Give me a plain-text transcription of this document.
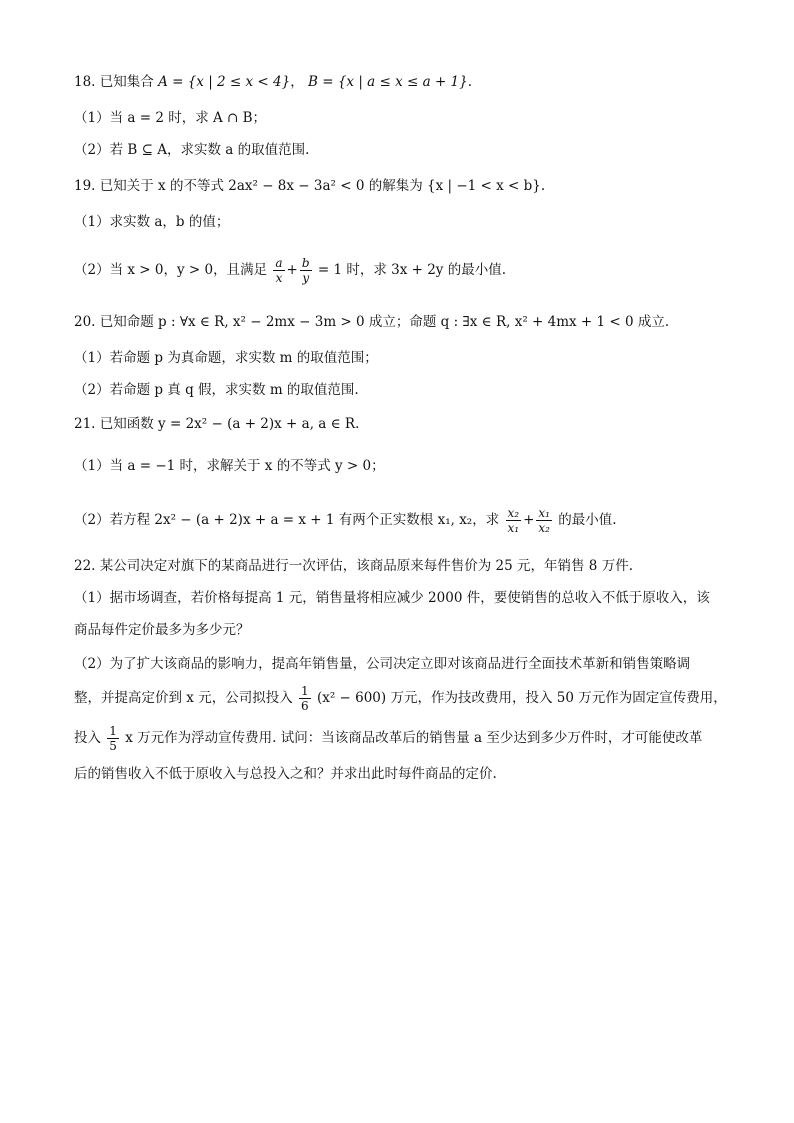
18. 已知集合 A = {x | 2 ≤ x < 4}， B = {x | a ≤ x ≤ a + 1}.
（1）当 a = 2 时，求 A ∩ B；
（2）若 B ⊆ A，求实数 a 的取值范围.
19. 已知关于 x 的不等式 2ax² − 8x − 3a² < 0 的解集为 {x | −1 < x < b}.
（1）求实数 a，b 的值；
（2）当 x > 0，y > 0，且满足 $\frac{a}{x} + \frac{b}{y} = 1$ 时，求 3x + 2y 的最小值.
20. 已知命题 p : ∀x ∈ R, x² − 2mx − 3m > 0 成立；命题 q : ∃x ∈ R, x² + 4mx + 1 < 0 成立.
（1）若命题 p 为真命题，求实数 m 的取值范围；
（2）若命题 p 真 q 假，求实数 m 的取值范围.
21. 已知函数 y = 2x² − (a + 2)x + a, a ∈ R.
（1）当 a = −1 时，求解关于 x 的不等式 y > 0；
（2）若方程 2x² − (a + 2)x + a = x + 1 有两个正实数根 x₁, x₂，求 $\frac{\text{x₂}}{\text{x₁}} + \frac{\text{x₁}}{\text{x₂}}$ 的最小值.
22. 某公司决定对旗下的某商品进行一次评估，该商品原来每件售价为 25 元，年销售 8 万件.
（1）据市场调查，若价格每提高 1 元，销售量将相应减少 2000 件，要使销售的总收入不低于原收入，该
商品每件定价最多为多少元？
（2）为了扩大该商品的影响力，提高年销售量，公司决定立即对该商品进行全面技术革新和销售策略调
整，并提高定价到 x 元，公司拟投入 $\frac{1}{6} (x^2 - 600)$ 万元，作为技改费用，投入 50 万元作为固定宣传费用，
投入 $\frac{1}{5}$ x 万元作为浮动宣传费用. 试问：当该商品改革后的销售量 a 至少达到多少万件时，才可能使改革
后的销售收入不低于原收入与总投入之和？并求出此时每件商品的定价.
